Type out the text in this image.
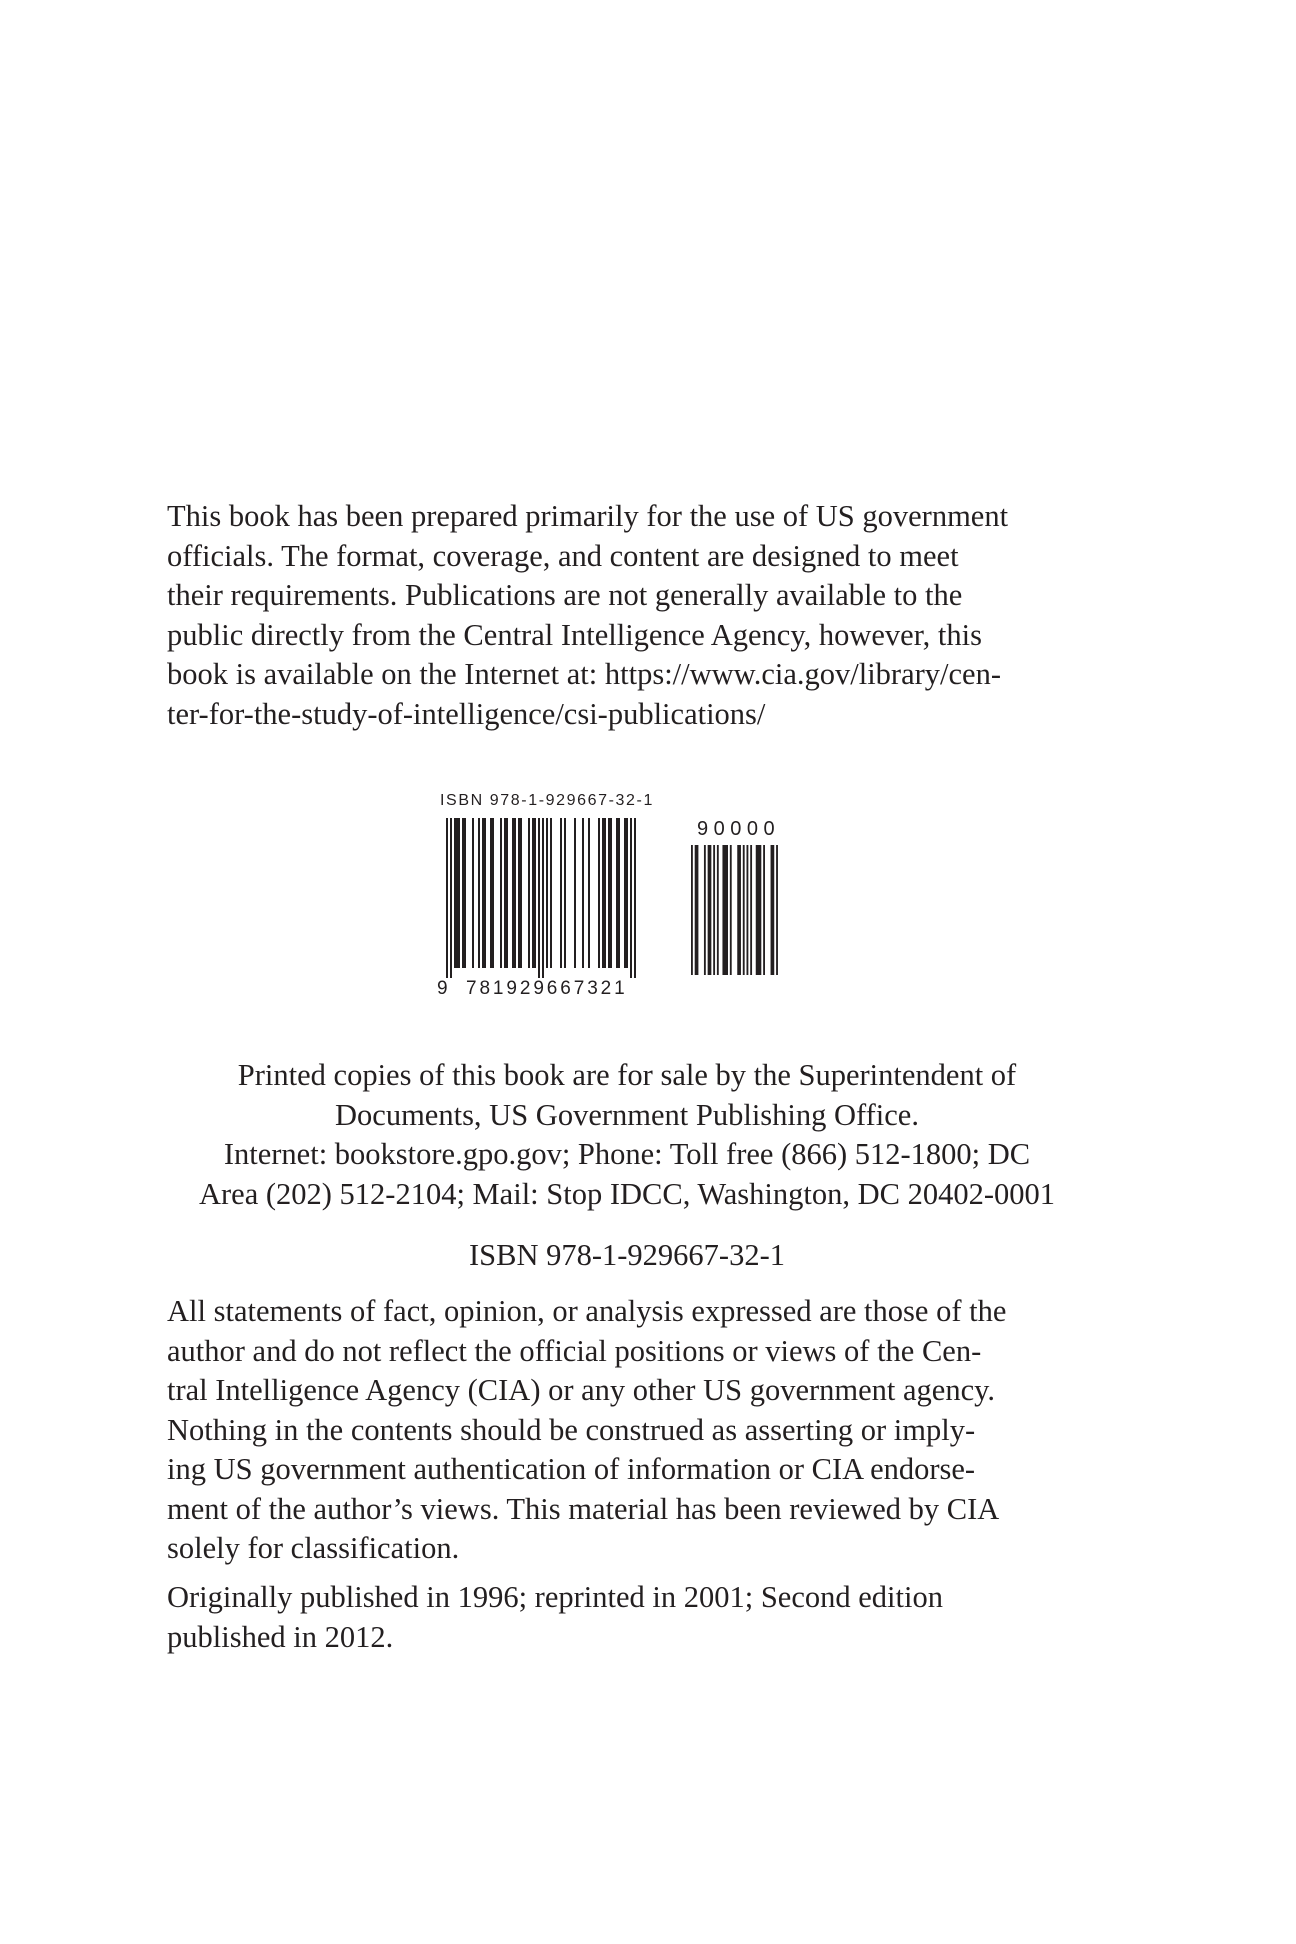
This book has been prepared primarily for the use of US government
officials. The format, coverage, and content are designed to meet
their requirements. Publications are not generally available to the
public directly from the Central Intelligence Agency, however, this
book is available on the Internet at: https://www.cia.gov/library/cen-
ter-for-the-study-of-intelligence/csi-publications/
ISBN 978-1-929667-32-1
90000
9 781929667321
Printed copies of this book are for sale by the Superintendent of
Documents, US Government Publishing Office.
Internet: bookstore.gpo.gov; Phone: Toll free (866) 512-1800; DC
Area (202) 512-2104; Mail: Stop IDCC, Washington, DC 20402-0001
ISBN 978-1-929667-32-1
All statements of fact, opinion, or analysis expressed are those of the
author and do not reflect the official positions or views of the Cen-
tral Intelligence Agency (CIA) or any other US government agency.
Nothing in the contents should be construed as asserting or imply-
ing US government authentication of information or CIA endorse-
ment of the author’s views. This material has been reviewed by CIA
solely for classification.
Originally published in 1996; reprinted in 2001; Second edition
published in 2012.
